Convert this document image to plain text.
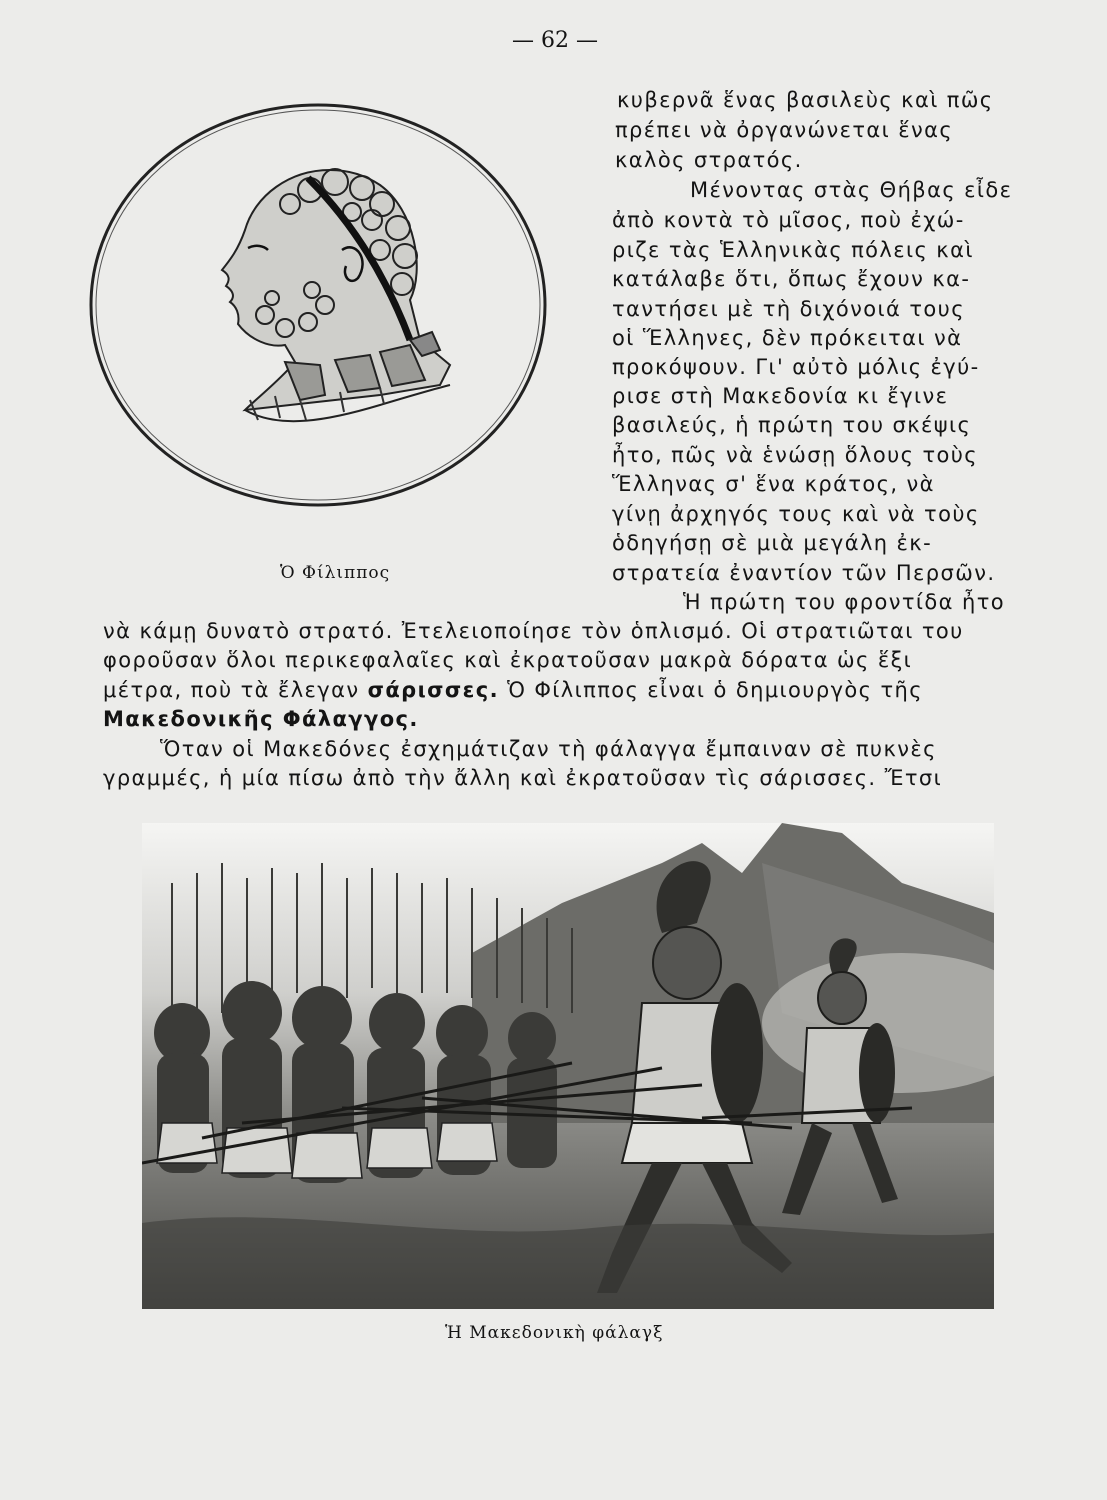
— 62 —
Ὁ Φίλιππος
κυβερνᾶ ἕνας βασιλεὺς καὶ πῶς
πρέπει νὰ ὀργανώνεται ἕνας
καλὸς στρατός.
Μένοντας στὰς Θήβας εἶδε
ἀπὸ κοντὰ τὸ μῖσος, ποὺ ἐχώ-
ριζε τὰς Ἑλληνικὰς πόλεις καὶ
κατάλαβε ὅτι, ὅπως ἔχουν κα-
ταντήσει μὲ τὴ διχόνοιά τους
οἱ Ἕλληνες, δὲν πρόκειται νὰ
προκόψουν. Γι' αὐτὸ μόλις ἐγύ-
ρισε στὴ Μακεδονία κι ἔγινε
βασιλεύς, ἡ πρώτη του σκέψις
ἦτο, πῶς νὰ ἑνώσῃ ὅλους τοὺς
Ἕλληνας σ' ἕνα κράτος, νὰ
γίνῃ ἀρχηγός τους καὶ νὰ τοὺς
ὁδηγήσῃ σὲ μιὰ μεγάλη ἐκ-
στρατεία ἐναντίον τῶν Περσῶν.
Ἡ πρώτη του φροντίδα ἦτο
νὰ κάμῃ δυνατὸ στρατό. Ἐτελειοποίησε τὸν ὁπλισμό. Οἱ στρατιῶται του
φοροῦσαν ὅλοι περικεφαλαῖες καὶ ἐκρατοῦσαν μακρὰ δόρατα ὡς ἕξι
μέτρα, ποὺ τὰ ἔλεγαν σάρισσες. Ὁ Φίλιππος εἶναι ὁ δημιουργὸς τῆς
Μακεδονικῆς Φάλαγγος.
Ὅταν οἱ Μακεδόνες ἐσχημάτιζαν τὴ φάλαγγα ἔμπαιναν σὲ πυκνὲς
γραμμές, ἡ μία πίσω ἀπὸ τὴν ἄλλη καὶ ἐκρατοῦσαν τὶς σάρισσες. Ἔτσι
Ἡ Μακεδονικὴ φάλαγξ
